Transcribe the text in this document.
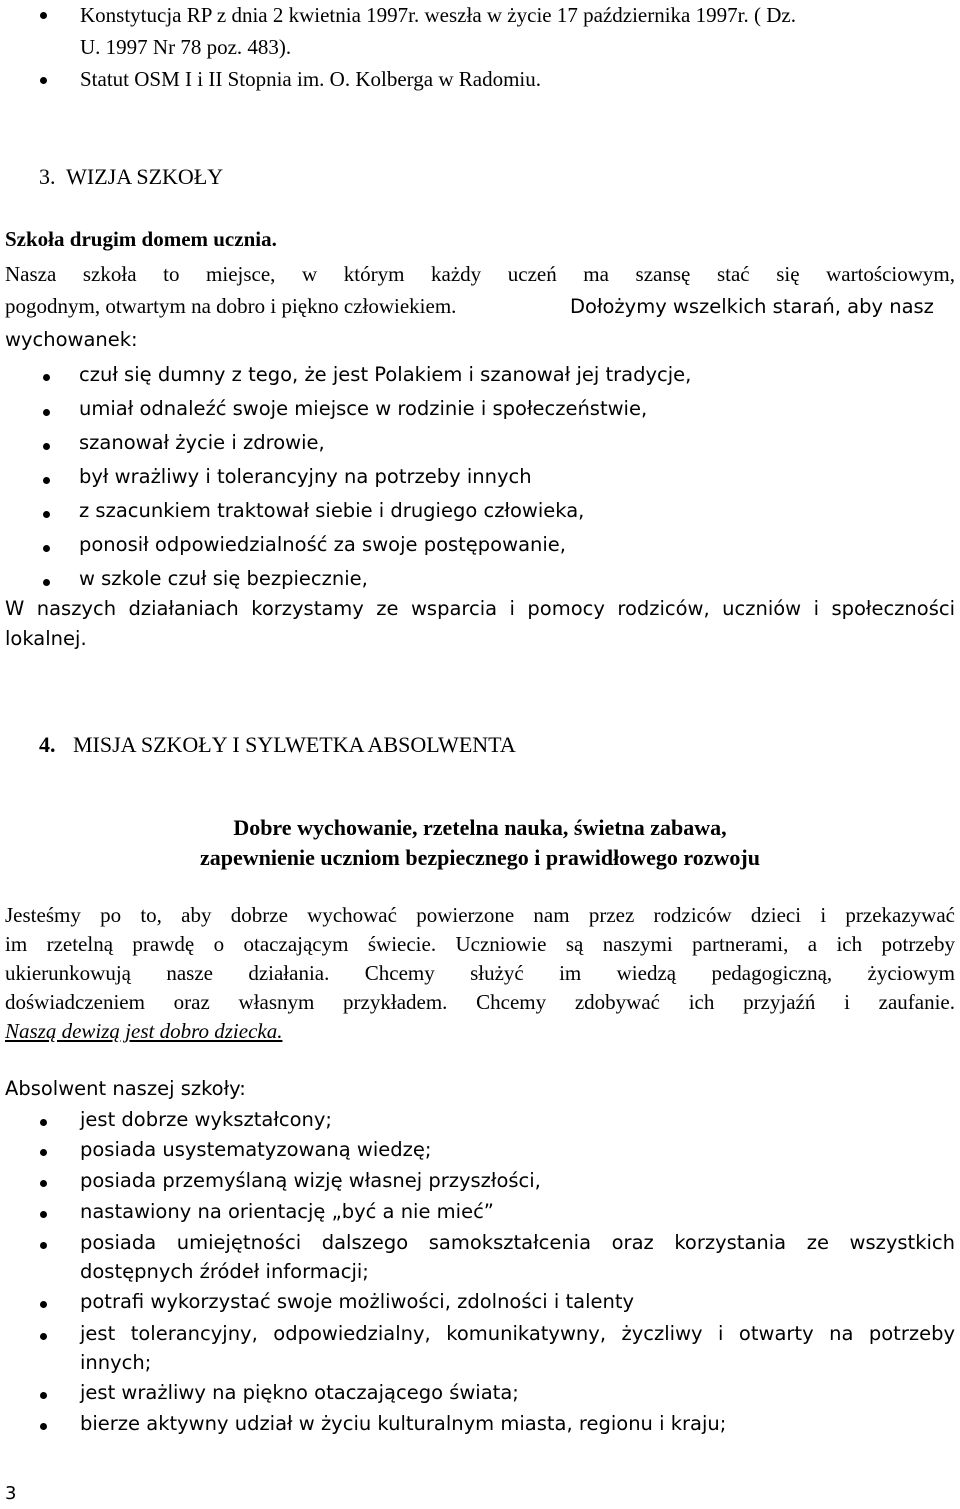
Konstytucja RP z dnia 2 kwietnia 1997r. weszła w życie 17 października 1997r. ( Dz.
U. 1997 Nr 78 poz. 483).
Statut OSM I i II Stopnia im. O. Kolberga w Radomiu.
3.  WIZJA SZKOŁY
Szkoła drugim domem ucznia.
Nasza szkoła to miejsce, w którym każdy uczeń ma szansę stać się wartościowym,
pogodnym, otwartym na dobro i piękno człowiekiem.	Dołożymy wszelkich starań, aby nasz
wychowanek:
czuł się dumny z tego, że jest Polakiem i szanował jej tradycje,
umiał odnaleźć swoje miejsce w rodzinie i społeczeństwie,
szanował życie i zdrowie,
był wrażliwy i tolerancyjny na potrzeby innych
z szacunkiem traktował siebie i drugiego człowieka,
ponosił odpowiedzialność za swoje postępowanie,
w szkole czuł się bezpiecznie,
W naszych działaniach korzystamy ze wsparcia i pomocy rodziców, uczniów i społeczności
lokalnej.
4. MISJA SZKOŁY I SYLWETKA ABSOLWENTA
Dobre wychowanie, rzetelna nauka, świetna zabawa,
zapewnienie uczniom bezpiecznego i prawidłowego rozwoju
Jesteśmy po to, aby dobrze wychować powierzone nam przez rodziców dzieci i przekazywać
im rzetelną prawdę o otaczającym świecie. Uczniowie są naszymi partnerami, a ich potrzeby
ukierunkowują nasze działania. Chcemy służyć im wiedzą pedagogiczną, życiowym
doświadczeniem oraz własnym przykładem. Chcemy zdobywać ich przyjaźń i zaufanie.
Naszą dewizą jest dobro dziecka.
Absolwent naszej szkoły:
jest dobrze wykształcony;
posiada usystematyzowaną wiedzę;
posiada przemyślaną wizję własnej przyszłości,
nastawiony na orientację „być a nie mieć”
posiada umiejętności dalszego samokształcenia oraz korzystania ze wszystkich
dostępnych źródeł informacji;
potrafi wykorzystać swoje możliwości, zdolności i talenty
jest tolerancyjny, odpowiedzialny, komunikatywny, życzliwy i otwarty na potrzeby
innych;
jest wrażliwy na piękno otaczającego świata;
bierze aktywny udział w życiu kulturalnym miasta, regionu i kraju;
3
